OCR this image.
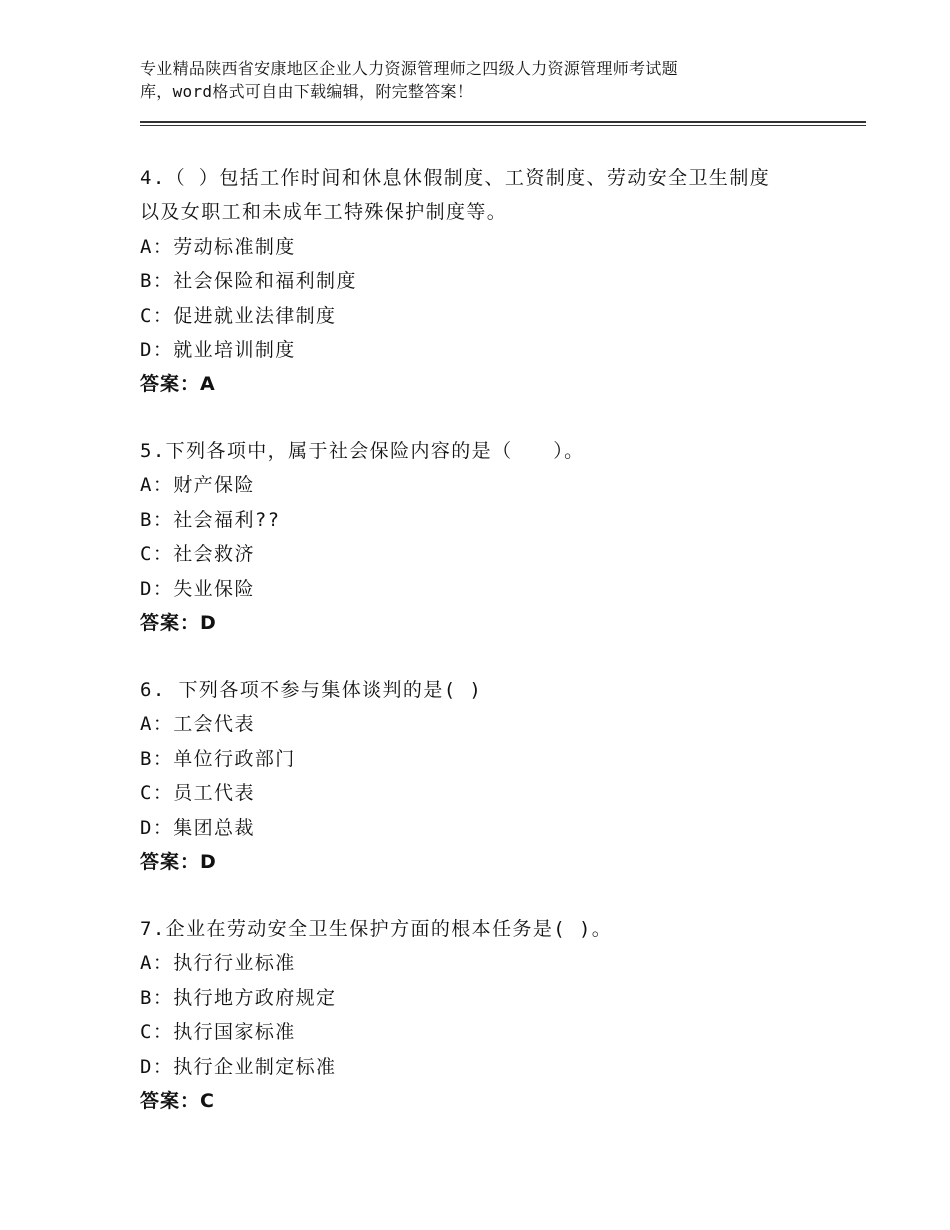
专业精品陕西省安康地区企业人力资源管理师之四级人力资源管理师考试题
库，word格式可自由下载编辑，附完整答案！
4.（ ）包括工作时间和休息休假制度、工资制度、劳动安全卫生制度
以及女职工和未成年工特殊保护制度等。
A：劳动标准制度
B：社会保险和福利制度
C：促进就业法律制度
D：就业培训制度
答案：A
5.下列各项中，属于社会保险内容的是（　　）。
A：财产保险
B：社会福利??
C：社会救济
D：失业保险
答案：D
6. 下列各项不参与集体谈判的是( )
A：工会代表
B：单位行政部门
C：员工代表
D：集团总裁
答案：D
7.企业在劳动安全卫生保护方面的根本任务是( )。
A：执行行业标准
B：执行地方政府规定
C：执行国家标准
D：执行企业制定标准
答案：C
